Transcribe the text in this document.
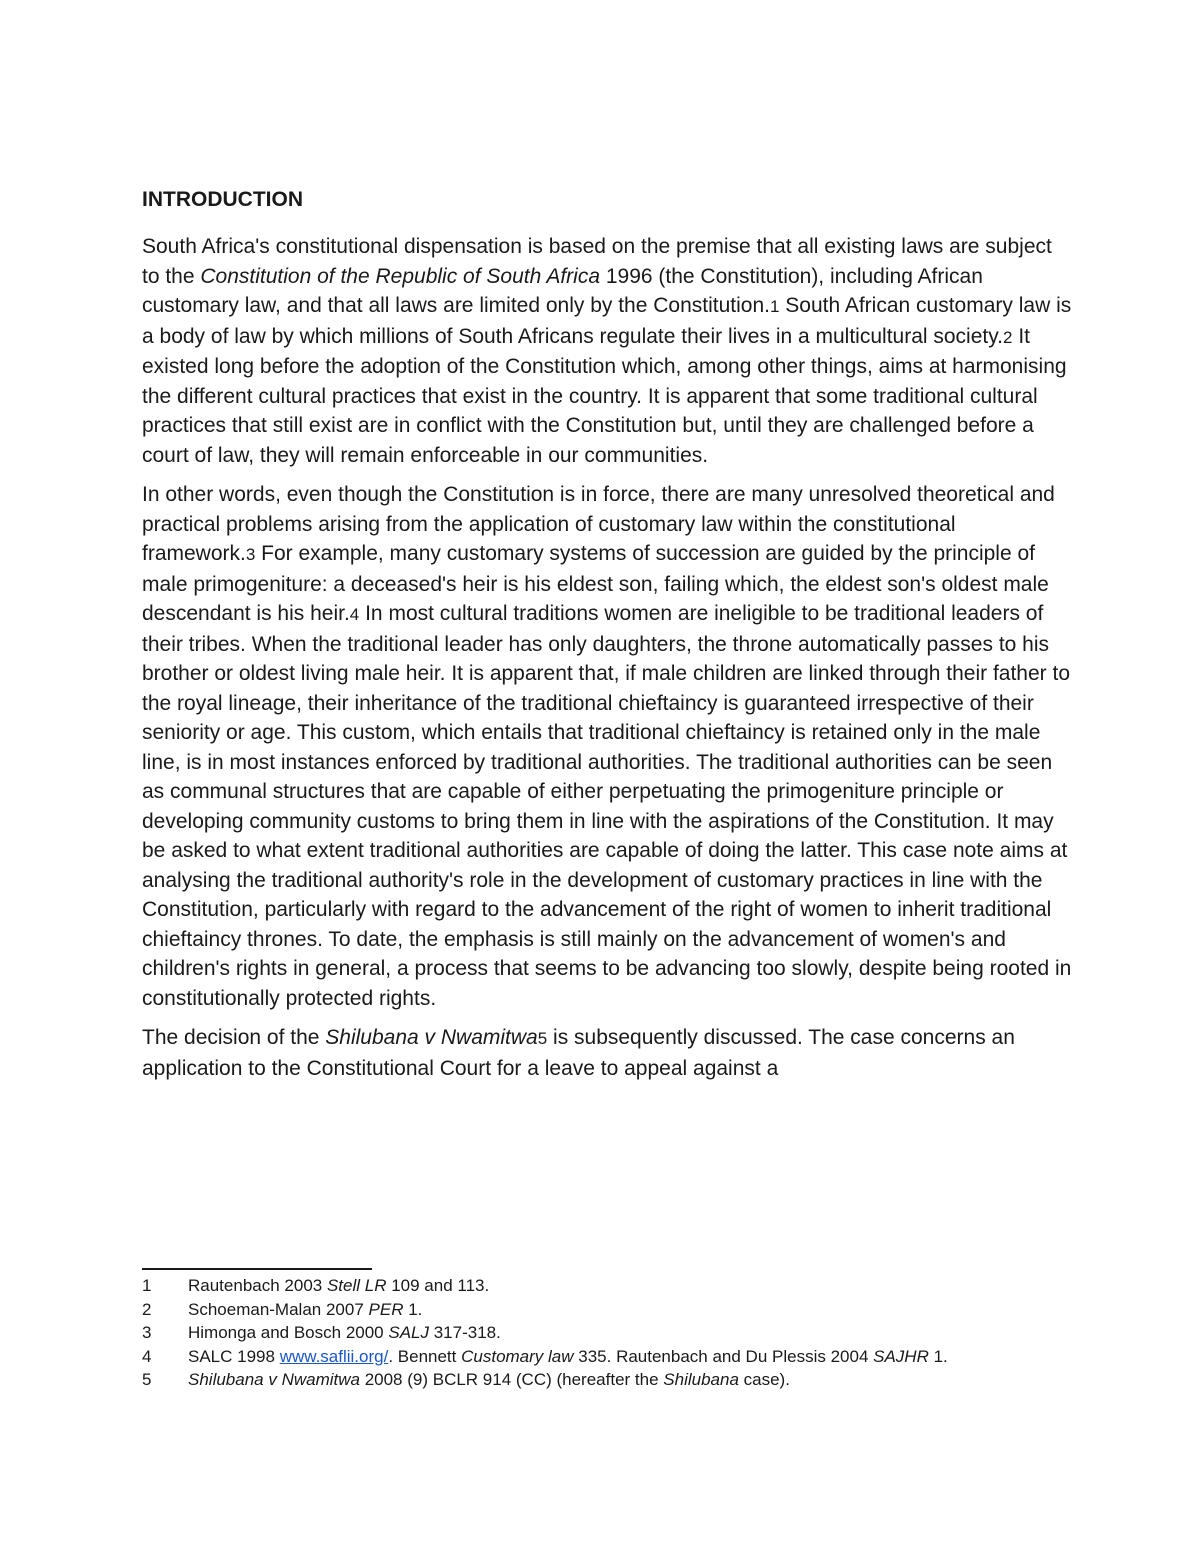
INTRODUCTION

South Africa's constitutional dispensation is based on the premise that all existing laws are subject to the Constitution of the Republic of South Africa 1996 (the Constitution), including African customary law, and that all laws are limited only by the Constitution.1 South African customary law is a body of law by which millions of South Africans regulate their lives in a multicultural society.2 It existed long before the adoption of the Constitution which, among other things, aims at harmonising the different cultural practices that exist in the country. It is apparent that some traditional cultural practices that still exist are in conflict with the Constitution but, until they are challenged before a court of law, they will remain enforceable in our communities.

In other words, even though the Constitution is in force, there are many unresolved theoretical and practical problems arising from the application of customary law within the constitutional framework.3 For example, many customary systems of succession are guided by the principle of male primogeniture: a deceased's heir is his eldest son, failing which, the eldest son's oldest male descendant is his heir.4 In most cultural traditions women are ineligible to be traditional leaders of their tribes. When the traditional leader has only daughters, the throne automatically passes to his brother or oldest living male heir. It is apparent that, if male children are linked through their father to the royal lineage, their inheritance of the traditional chieftaincy is guaranteed irrespective of their seniority or age. This custom, which entails that traditional chieftaincy is retained only in the male line, is in most instances enforced by traditional authorities. The traditional authorities can be seen as communal structures that are capable of either perpetuating the primogeniture principle or developing community customs to bring them in line with the aspirations of the Constitution. It may be asked to what extent traditional authorities are capable of doing the latter. This case note aims at analysing the traditional authority's role in the development of customary practices in line with the Constitution, particularly with regard to the advancement of the right of women to inherit traditional chieftaincy thrones. To date, the emphasis is still mainly on the advancement of women's and children's rights in general, a process that seems to be advancing too slowly, despite being rooted in constitutionally protected rights.

The decision of the Shilubana v Nwamitwa5 is subsequently discussed. The case concerns an application to the Constitutional Court for a leave to appeal against a

1	Rautenbach 2003 Stell LR 109 and 113.
2	Schoeman-Malan 2007 PER 1.
3	Himonga and Bosch 2000 SALJ 317-318.
4	SALC 1998 www.saflii.org/. Bennett Customary law 335. Rautenbach and Du Plessis 2004 SAJHR 1.
5	Shilubana v Nwamitwa 2008 (9) BCLR 914 (CC) (hereafter the Shilubana case).
